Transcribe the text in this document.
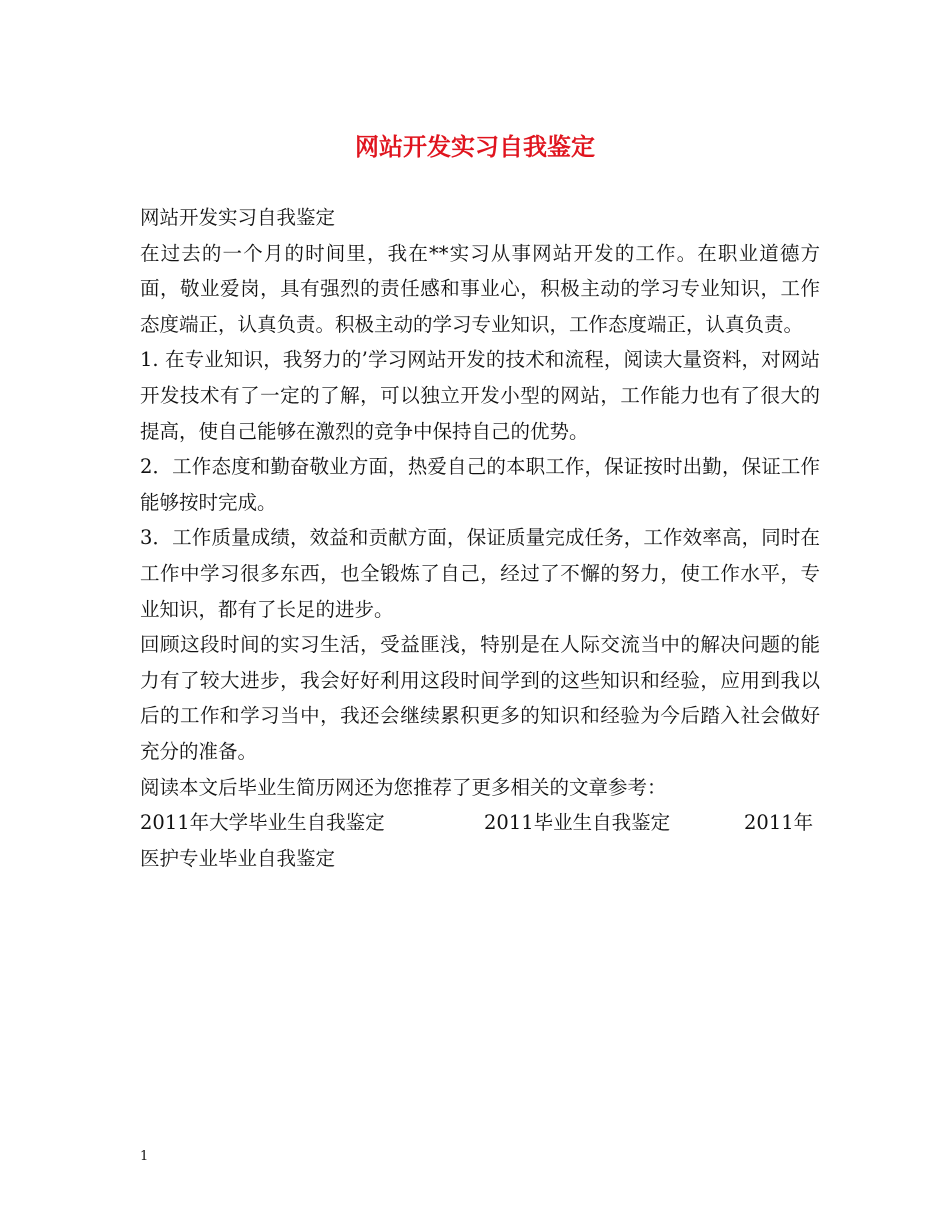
网站开发实习自我鉴定

网站开发实习自我鉴定

在过去的一个月的时间里，我在**实习从事网站开发的工作。在职业道德方面，敬业爱岗，具有强烈的责任感和事业心，积极主动的学习专业知识，工作态度端正，认真负责。积极主动的学习专业知识，工作态度端正，认真负责。

1. 在专业知识，我努力的’学习网站开发的技术和流程，阅读大量资料，对网站开发技术有了一定的了解，可以独立开发小型的网站，工作能力也有了很大的提高，使自己能够在激烈的竞争中保持自己的优势。

2．工作态度和勤奋敬业方面，热爱自己的本职工作，保证按时出勤，保证工作能够按时完成。

3．工作质量成绩，效益和贡献方面，保证质量完成任务，工作效率高，同时在工作中学习很多东西，也全锻炼了自己，经过了不懈的努力，使工作水平，专业知识，都有了长足的进步。

回顾这段时间的实习生活，受益匪浅，特别是在人际交流当中的解决问题的能力有了较大进步，我会好好利用这段时间学到的这些知识和经验，应用到我以后的工作和学习当中，我还会继续累积更多的知识和经验为今后踏入社会做好充分的准备。

阅读本文后毕业生简历网还为您推荐了更多相关的文章参考：

2011年大学毕业生自我鉴定	2011毕业生自我鉴定	2011年

医护专业毕业自我鉴定

1
